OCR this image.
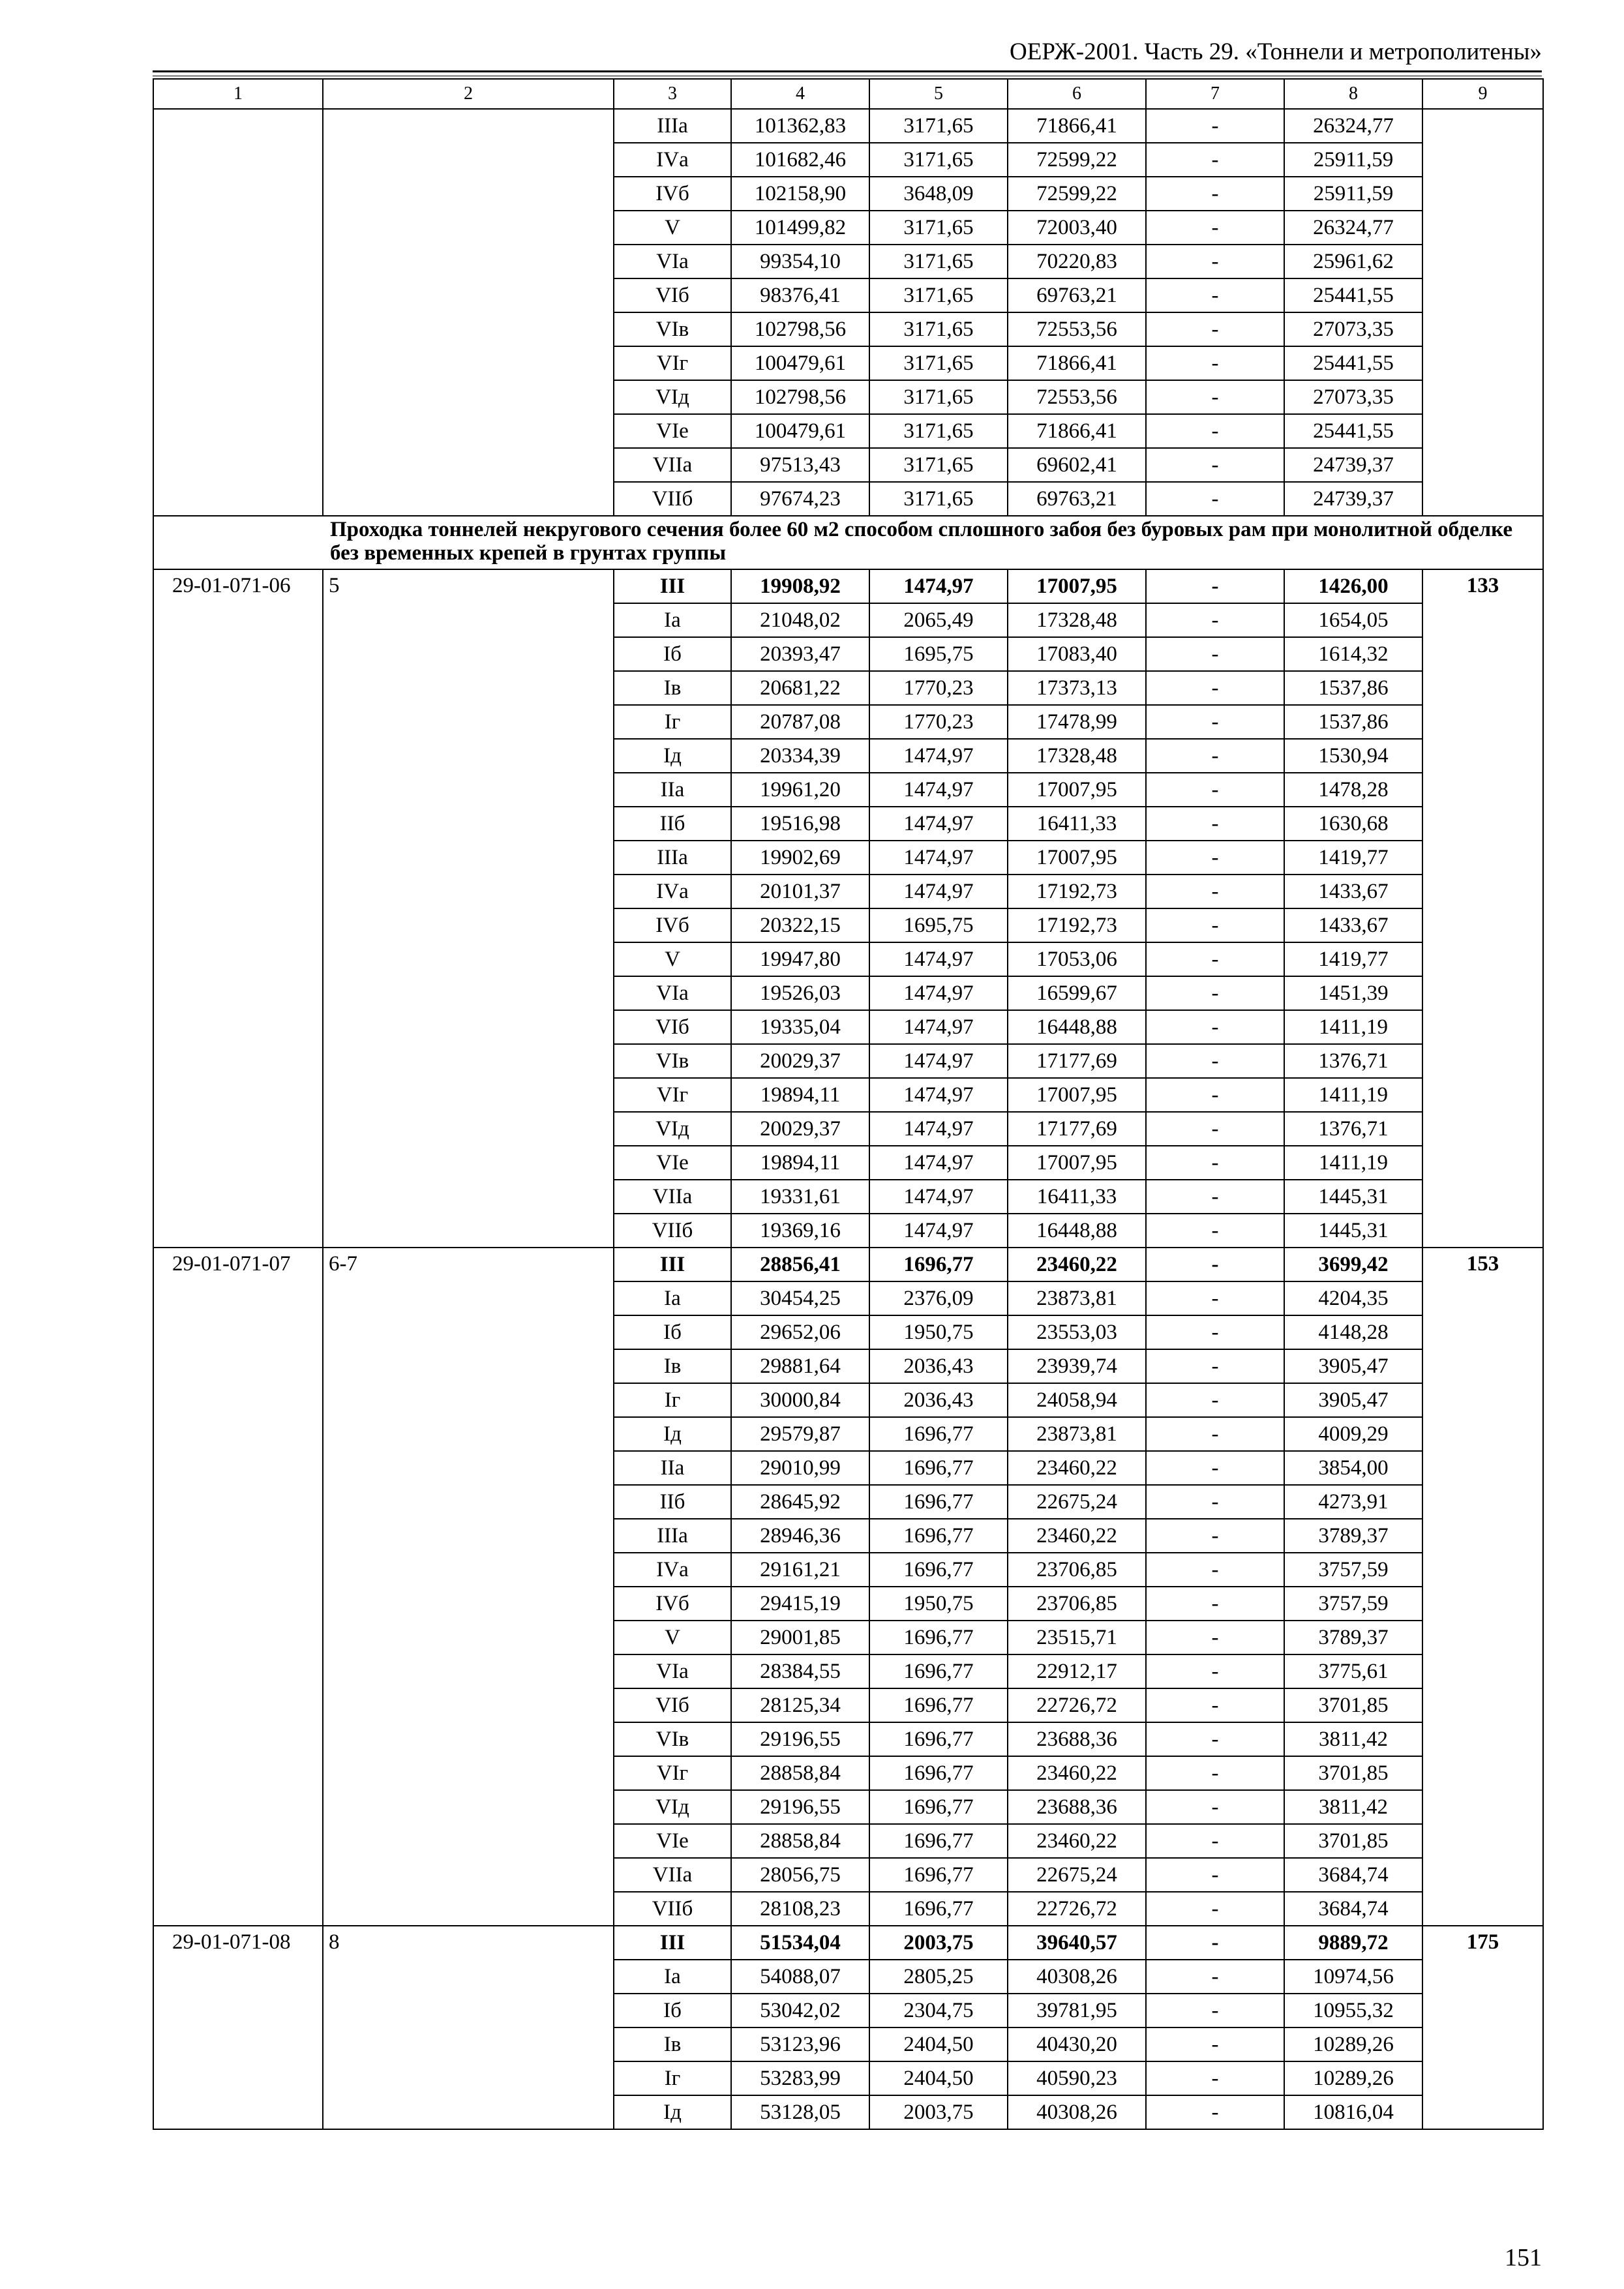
ОЕРЖ-2001. Часть 29. «Тоннели и метрополитены»
1	2	3	4	5	6	7	8	9
		IIIа	101362,83	3171,65	71866,41	-	26324,77	
		IVа	101682,46	3171,65	72599,22	-	25911,59	
		IVб	102158,90	3648,09	72599,22	-	25911,59	
		V	101499,82	3171,65	72003,40	-	26324,77	
		VIа	99354,10	3171,65	70220,83	-	25961,62	
		VIб	98376,41	3171,65	69763,21	-	25441,55	
		VIв	102798,56	3171,65	72553,56	-	27073,35	
		VIг	100479,61	3171,65	71866,41	-	25441,55	
		VIд	102798,56	3171,65	72553,56	-	27073,35	
		VIе	100479,61	3171,65	71866,41	-	25441,55	
		VIIа	97513,43	3171,65	69602,41	-	24739,37	
		VIIб	97674,23	3171,65	69763,21	-	24739,37	
Проходка тоннелей некругового сечения более 60 м2 способом сплошного забоя без буровых рам при монолитной обделке без временных крепей в грунтах группы								
29-01-071-06	5	III	19908,92	1474,97	17007,95	-	1426,00	133
		Iа	21048,02	2065,49	17328,48	-	1654,05	
		Iб	20393,47	1695,75	17083,40	-	1614,32	
		Iв	20681,22	1770,23	17373,13	-	1537,86	
		Iг	20787,08	1770,23	17478,99	-	1537,86	
		Iд	20334,39	1474,97	17328,48	-	1530,94	
		IIа	19961,20	1474,97	17007,95	-	1478,28	
		IIб	19516,98	1474,97	16411,33	-	1630,68	
		IIIа	19902,69	1474,97	17007,95	-	1419,77	
		IVа	20101,37	1474,97	17192,73	-	1433,67	
		IVб	20322,15	1695,75	17192,73	-	1433,67	
		V	19947,80	1474,97	17053,06	-	1419,77	
		VIа	19526,03	1474,97	16599,67	-	1451,39	
		VIб	19335,04	1474,97	16448,88	-	1411,19	
		VIв	20029,37	1474,97	17177,69	-	1376,71	
		VIг	19894,11	1474,97	17007,95	-	1411,19	
		VIд	20029,37	1474,97	17177,69	-	1376,71	
		VIе	19894,11	1474,97	17007,95	-	1411,19	
		VIIа	19331,61	1474,97	16411,33	-	1445,31	
		VIIб	19369,16	1474,97	16448,88	-	1445,31	
29-01-071-07	6-7	III	28856,41	1696,77	23460,22	-	3699,42	153
		Iа	30454,25	2376,09	23873,81	-	4204,35	
		Iб	29652,06	1950,75	23553,03	-	4148,28	
		Iв	29881,64	2036,43	23939,74	-	3905,47	
		Iг	30000,84	2036,43	24058,94	-	3905,47	
		Iд	29579,87	1696,77	23873,81	-	4009,29	
		IIа	29010,99	1696,77	23460,22	-	3854,00	
		IIб	28645,92	1696,77	22675,24	-	4273,91	
		IIIа	28946,36	1696,77	23460,22	-	3789,37	
		IVа	29161,21	1696,77	23706,85	-	3757,59	
		IVб	29415,19	1950,75	23706,85	-	3757,59	
		V	29001,85	1696,77	23515,71	-	3789,37	
		VIа	28384,55	1696,77	22912,17	-	3775,61	
		VIб	28125,34	1696,77	22726,72	-	3701,85	
		VIв	29196,55	1696,77	23688,36	-	3811,42	
		VIг	28858,84	1696,77	23460,22	-	3701,85	
		VIд	29196,55	1696,77	23688,36	-	3811,42	
		VIе	28858,84	1696,77	23460,22	-	3701,85	
		VIIа	28056,75	1696,77	22675,24	-	3684,74	
		VIIб	28108,23	1696,77	22726,72	-	3684,74	
29-01-071-08	8	III	51534,04	2003,75	39640,57	-	9889,72	175
		Iа	54088,07	2805,25	40308,26	-	10974,56	
		Iб	53042,02	2304,75	39781,95	-	10955,32	
		Iв	53123,96	2404,50	40430,20	-	10289,26	
		Iг	53283,99	2404,50	40590,23	-	10289,26	
		Iд	53128,05	2003,75	40308,26	-	10816,04	
151
